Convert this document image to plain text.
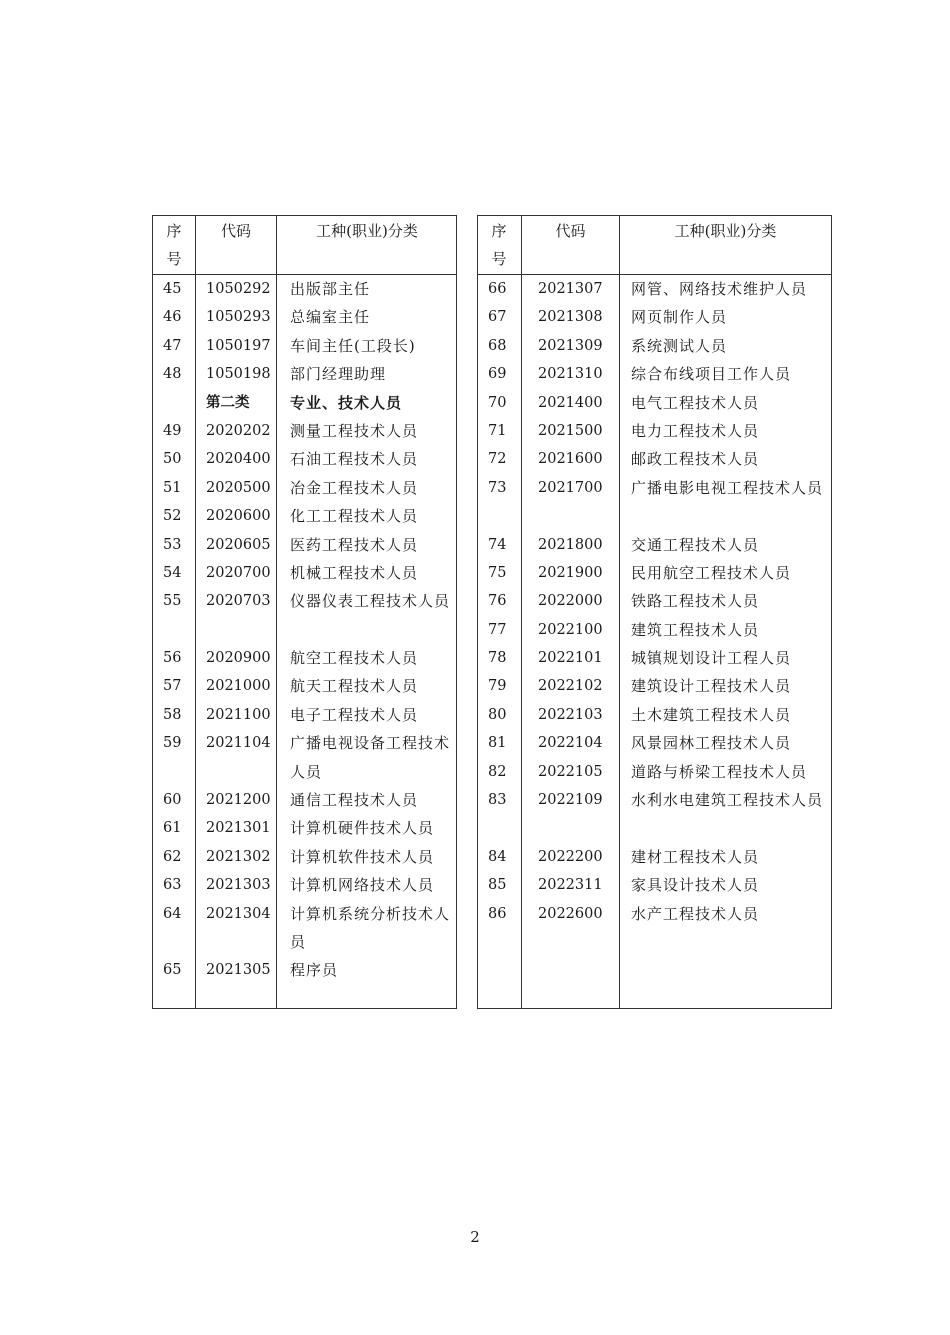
序
号
代码	工种(职业)分类
45 1050292 出版部主任
46 1050293 总编室主任
47 1050197 车间主任(工段长)
48 1050198 部门经理助理
第二类	专业、技术人员
49 2020202 测量工程技术人员
50 2020400 石油工程技术人员
51 2020500 冶金工程技术人员
52 2020600 化工工程技术人员
53 2020605 医药工程技术人员
54 2020700 机械工程技术人员
55 2020703 仪器仪表工程技术人员
56 2020900 航空工程技术人员
57 2021000 航天工程技术人员
58 2021100 电子工程技术人员
59 2021104 广播电视设备工程技术人员
60 2021200 通信工程技术人员
61 2021301 计算机硬件技术人员
62 2021302 计算机软件技术人员
63 2021303 计算机网络技术人员
64 2021304 计算机系统分析技术人员
65 2021305 程序员
序
号
代码	工种(职业)分类
66 2021307 网管、网络技术维护人员
67 2021308 网页制作人员
68 2021309 系统测试人员
69 2021310 综合布线项目工作人员
70 2021400 电气工程技术人员
71 2021500 电力工程技术人员
72 2021600 邮政工程技术人员
73 2021700 广播电影电视工程技术人员
74 2021800 交通工程技术人员
75 2021900 民用航空工程技术人员
76 2022000 铁路工程技术人员
77 2022100 建筑工程技术人员
78 2022101 城镇规划设计工程人员
79 2022102 建筑设计工程技术人员
80 2022103 土木建筑工程技术人员
81 2022104 风景园林工程技术人员
82 2022105 道路与桥梁工程技术人员
83 2022109 水利水电建筑工程技术人员
84 2022200 建材工程技术人员
85 2022311 家具设计技术人员
86 2022600 水产工程技术人员
2
